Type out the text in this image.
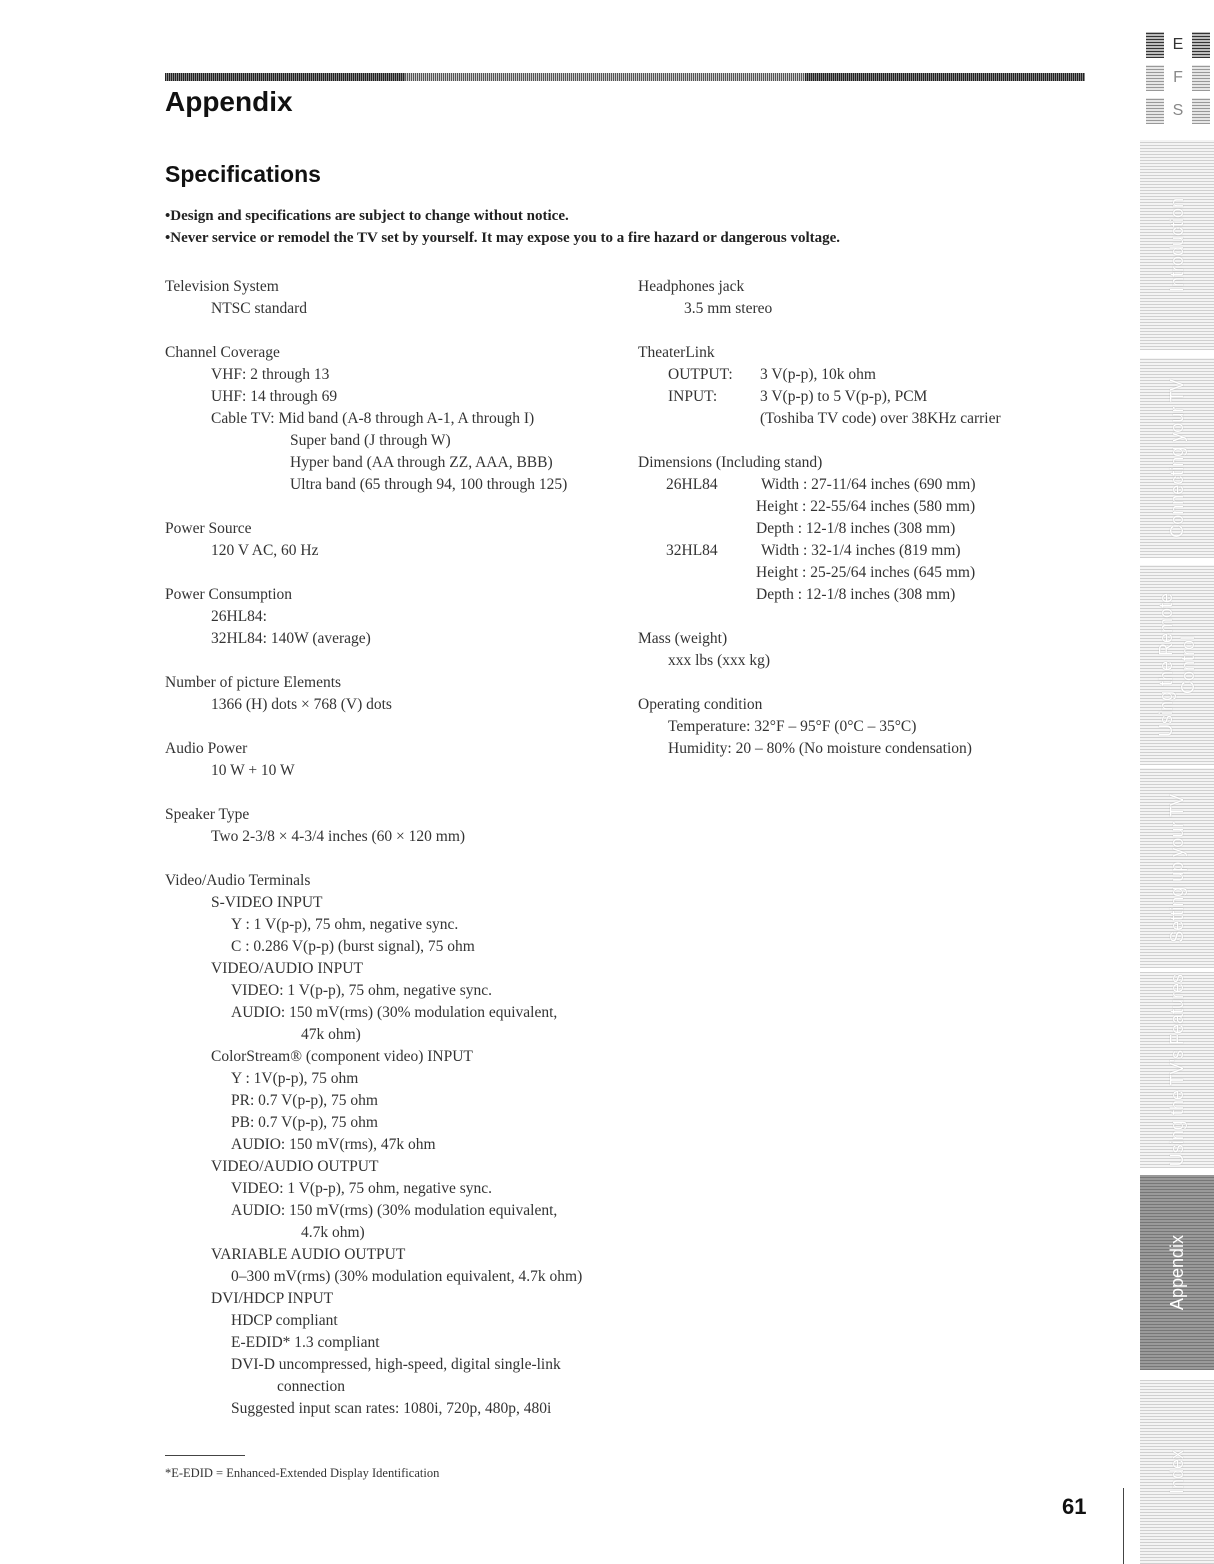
Appendix
Specifications
• Design and specifications are subject to change without notice.
• Never service or remodel the TV set by yourself. It may expose you to a fire hazard or dangerous voltage.
Television System
NTSC standard
Channel Coverage
VHF: 2 through 13
UHF: 14 through 69
Cable TV: Mid band (A-8 through A-1, A through I)
Super band (J through W)
Hyper band (AA through ZZ, AAA, BBB)
Ultra band (65 through 94, 100 through 125)
Power Source
120 V AC, 60 Hz
Power Consumption
26HL84:
32HL84: 140W (average)
Number of picture Elements
1366 (H) dots × 768 (V) dots
Audio Power
10 W + 10 W
Speaker Type
Two 2-3/8 × 4-3/4 inches (60 × 120 mm)
Video/Audio Terminals
S-VIDEO INPUT
Y : 1 V(p-p), 75 ohm, negative sync.
C : 0.286 V(p-p) (burst signal), 75 ohm
VIDEO/AUDIO INPUT
VIDEO: 1 V(p-p), 75 ohm, negative sync.
AUDIO: 150 mV(rms) (30% modulation equivalent,
47k ohm)
ColorStream® (component video) INPUT
Y : 1V(p-p), 75 ohm
PR: 0.7 V(p-p), 75 ohm
PB: 0.7 V(p-p), 75 ohm
AUDIO: 150 mV(rms), 47k ohm
VIDEO/AUDIO OUTPUT
VIDEO: 1 V(p-p), 75 ohm, negative sync.
AUDIO: 150 mV(rms) (30% modulation equivalent,
4.7k ohm)
VARIABLE AUDIO OUTPUT
0–300 mV(rms) (30% modulation equivalent, 4.7k ohm)
DVI/HDCP INPUT
HDCP compliant
E-EDID* 1.3 compliant
DVI-D uncompressed, high-speed, digital single-link
connection
Suggested input scan rates: 1080i, 720p, 480p, 480i
Headphones jack
3.5 mm stereo
TheaterLink
OUTPUT:	3 V(p-p), 10k ohm
INPUT:	3 V(p-p) to 5 V(p-p), PCM
(Toshiba TV code) over 38KHz carrier
Dimensions (Including stand)
26HL84	Width : 27-11/64 inches (690 mm)
Height : 22-55/64 inches (580 mm)
Depth : 12-1/8 inches (308 mm)
32HL84	Width : 32-1/4 inches (819 mm)
Height : 25-25/64 inches (645 mm)
Depth : 12-1/8 inches (308 mm)
Mass (weight)
xxx lbs (xxx kg)
Operating condition
Temperature: 32°F – 95°F (0°C – 35°C)
Humidity: 20 – 80% (No moisture condensation)
*E-EDID = Enhanced-Extended Display Identification
61
E
F
S
Introduction
Connecting your TV
Using the Remote Control
Setting up your TV
Using the TV's Features
Appendix
Index
